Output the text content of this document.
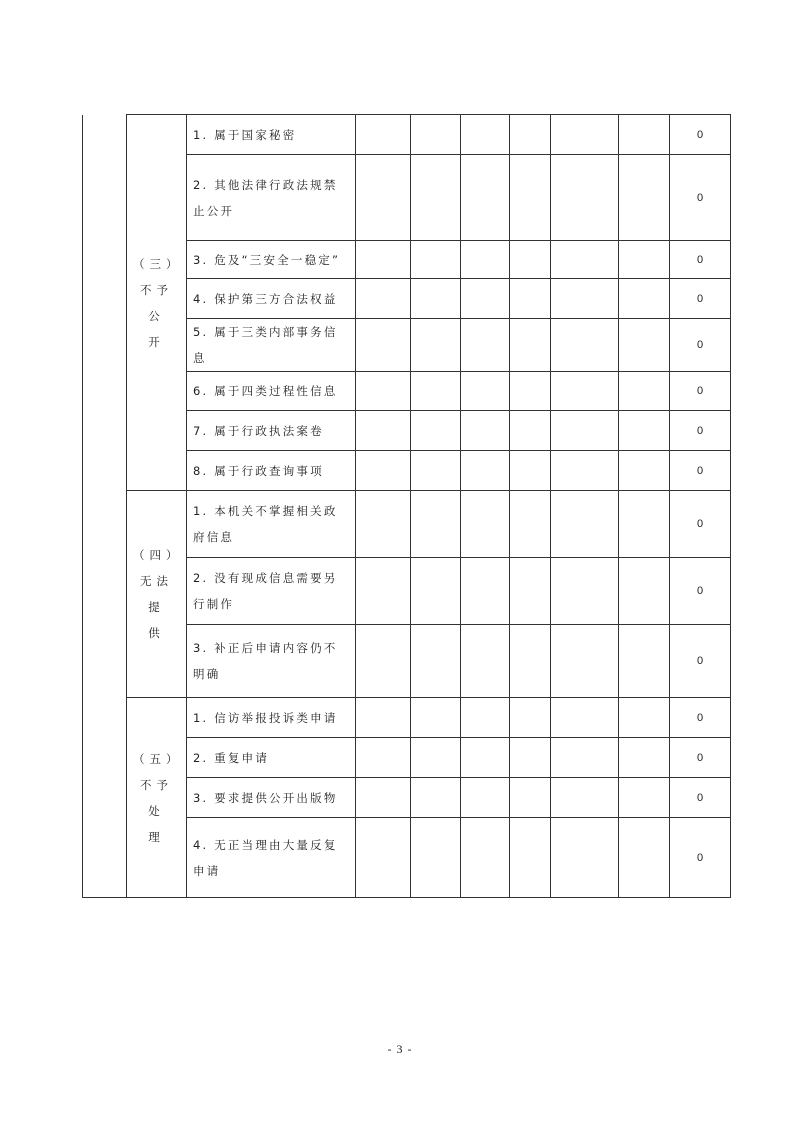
	（三）
不予公
开	1. 属于国家秘密							0
		2. 其他法律行政法规禁止公开							0
		3. 危及“三安全一稳定”							0
		4. 保护第三方合法权益							0
		5. 属于三类内部事务信息							0
		6. 属于四类过程性信息							0
		7. 属于行政执法案卷							0
		8. 属于行政查询事项							0

	（四）
无法提
供	1. 本机关不掌握相关政府信息							0
		2. 没有现成信息需要另行制作							0
		3. 补正后申请内容仍不明确							0

	（五）
不予处
理	1. 信访举报投诉类申请							0
		2. 重复申请							0
		3. 要求提供公开出版物							0
		4. 无正当理由大量反复申请							0
- 3 -
